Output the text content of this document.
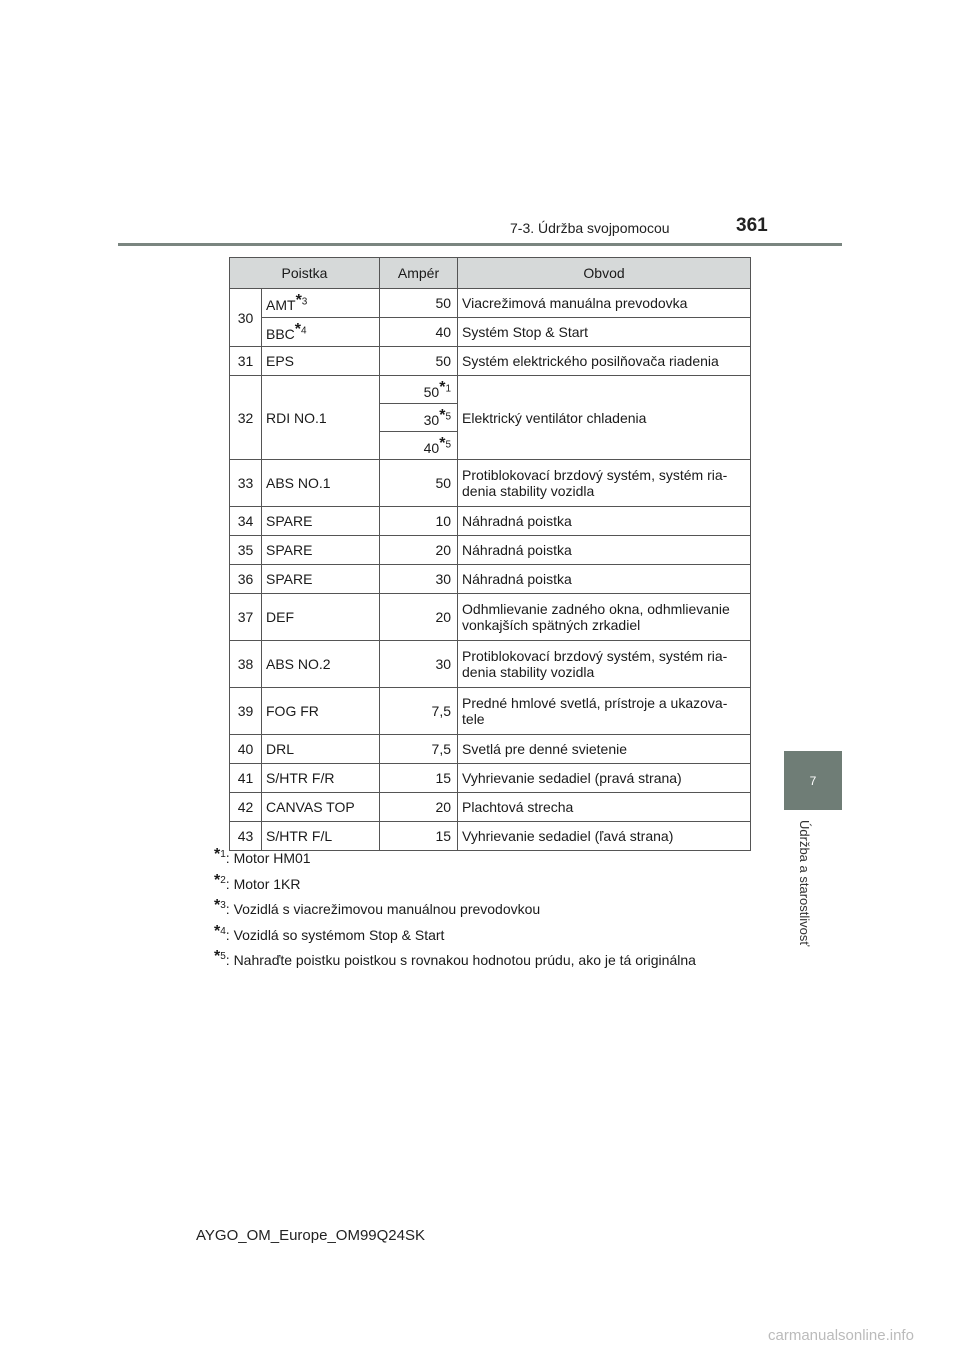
7-3. Údržba svojpomocou	361
7
Údržba a starostlivosť
Poistka		Ampér	Obvod
30	AMT*$^3$	50	Viacrežimová manuálna prevodovka
	BBC*$^4$	40	Systém Stop & Start
31	EPS	50	Systém elektrického posilňovača riadenia
32	RDI NO.1	50*$^1$	Elektrický ventilátor chladenia
		30*$^5$
		40*$^5$
33	ABS NO.1	50	Protiblokovací brzdový systém, systém ria-
denia stability vozidla

34	SPARE	10	Náhradná poistka
35	SPARE	20	Náhradná poistka
36	SPARE	30	Náhradná poistka
37	DEF	20	Odhmlievanie zadného okna, odhmlievanie
vonkajších spätných zrkadiel

38	ABS NO.2	30	Protiblokovací brzdový systém, systém ria-
denia stability vozidla

39	FOG FR	7,5	Predné hmlové svetlá, prístroje a ukazova-
tele

40	DRL	7,5	Svetlá pre denné svietenie
41	S/HTR F/R	15	Vyhrievanie sedadiel (pravá strana)
42	CANVAS TOP	20	Plachtová strecha
43	S/HTR F/L	15	Vyhrievanie sedadiel (ľavá strana)
*$^1$: Motor HM01
*$^2$: Motor 1KR
*$^3$: Vozidlá s viacrežimovou manuálnou prevodovkou
*$^4$: Vozidlá so systémom Stop & Start
*$^5$: Nahraďte poistku poistkou s rovnakou hodnotou prúdu, ako je tá originálna
AYGO_OM_Europe_OM99Q24SK
carmanualsonline.info
